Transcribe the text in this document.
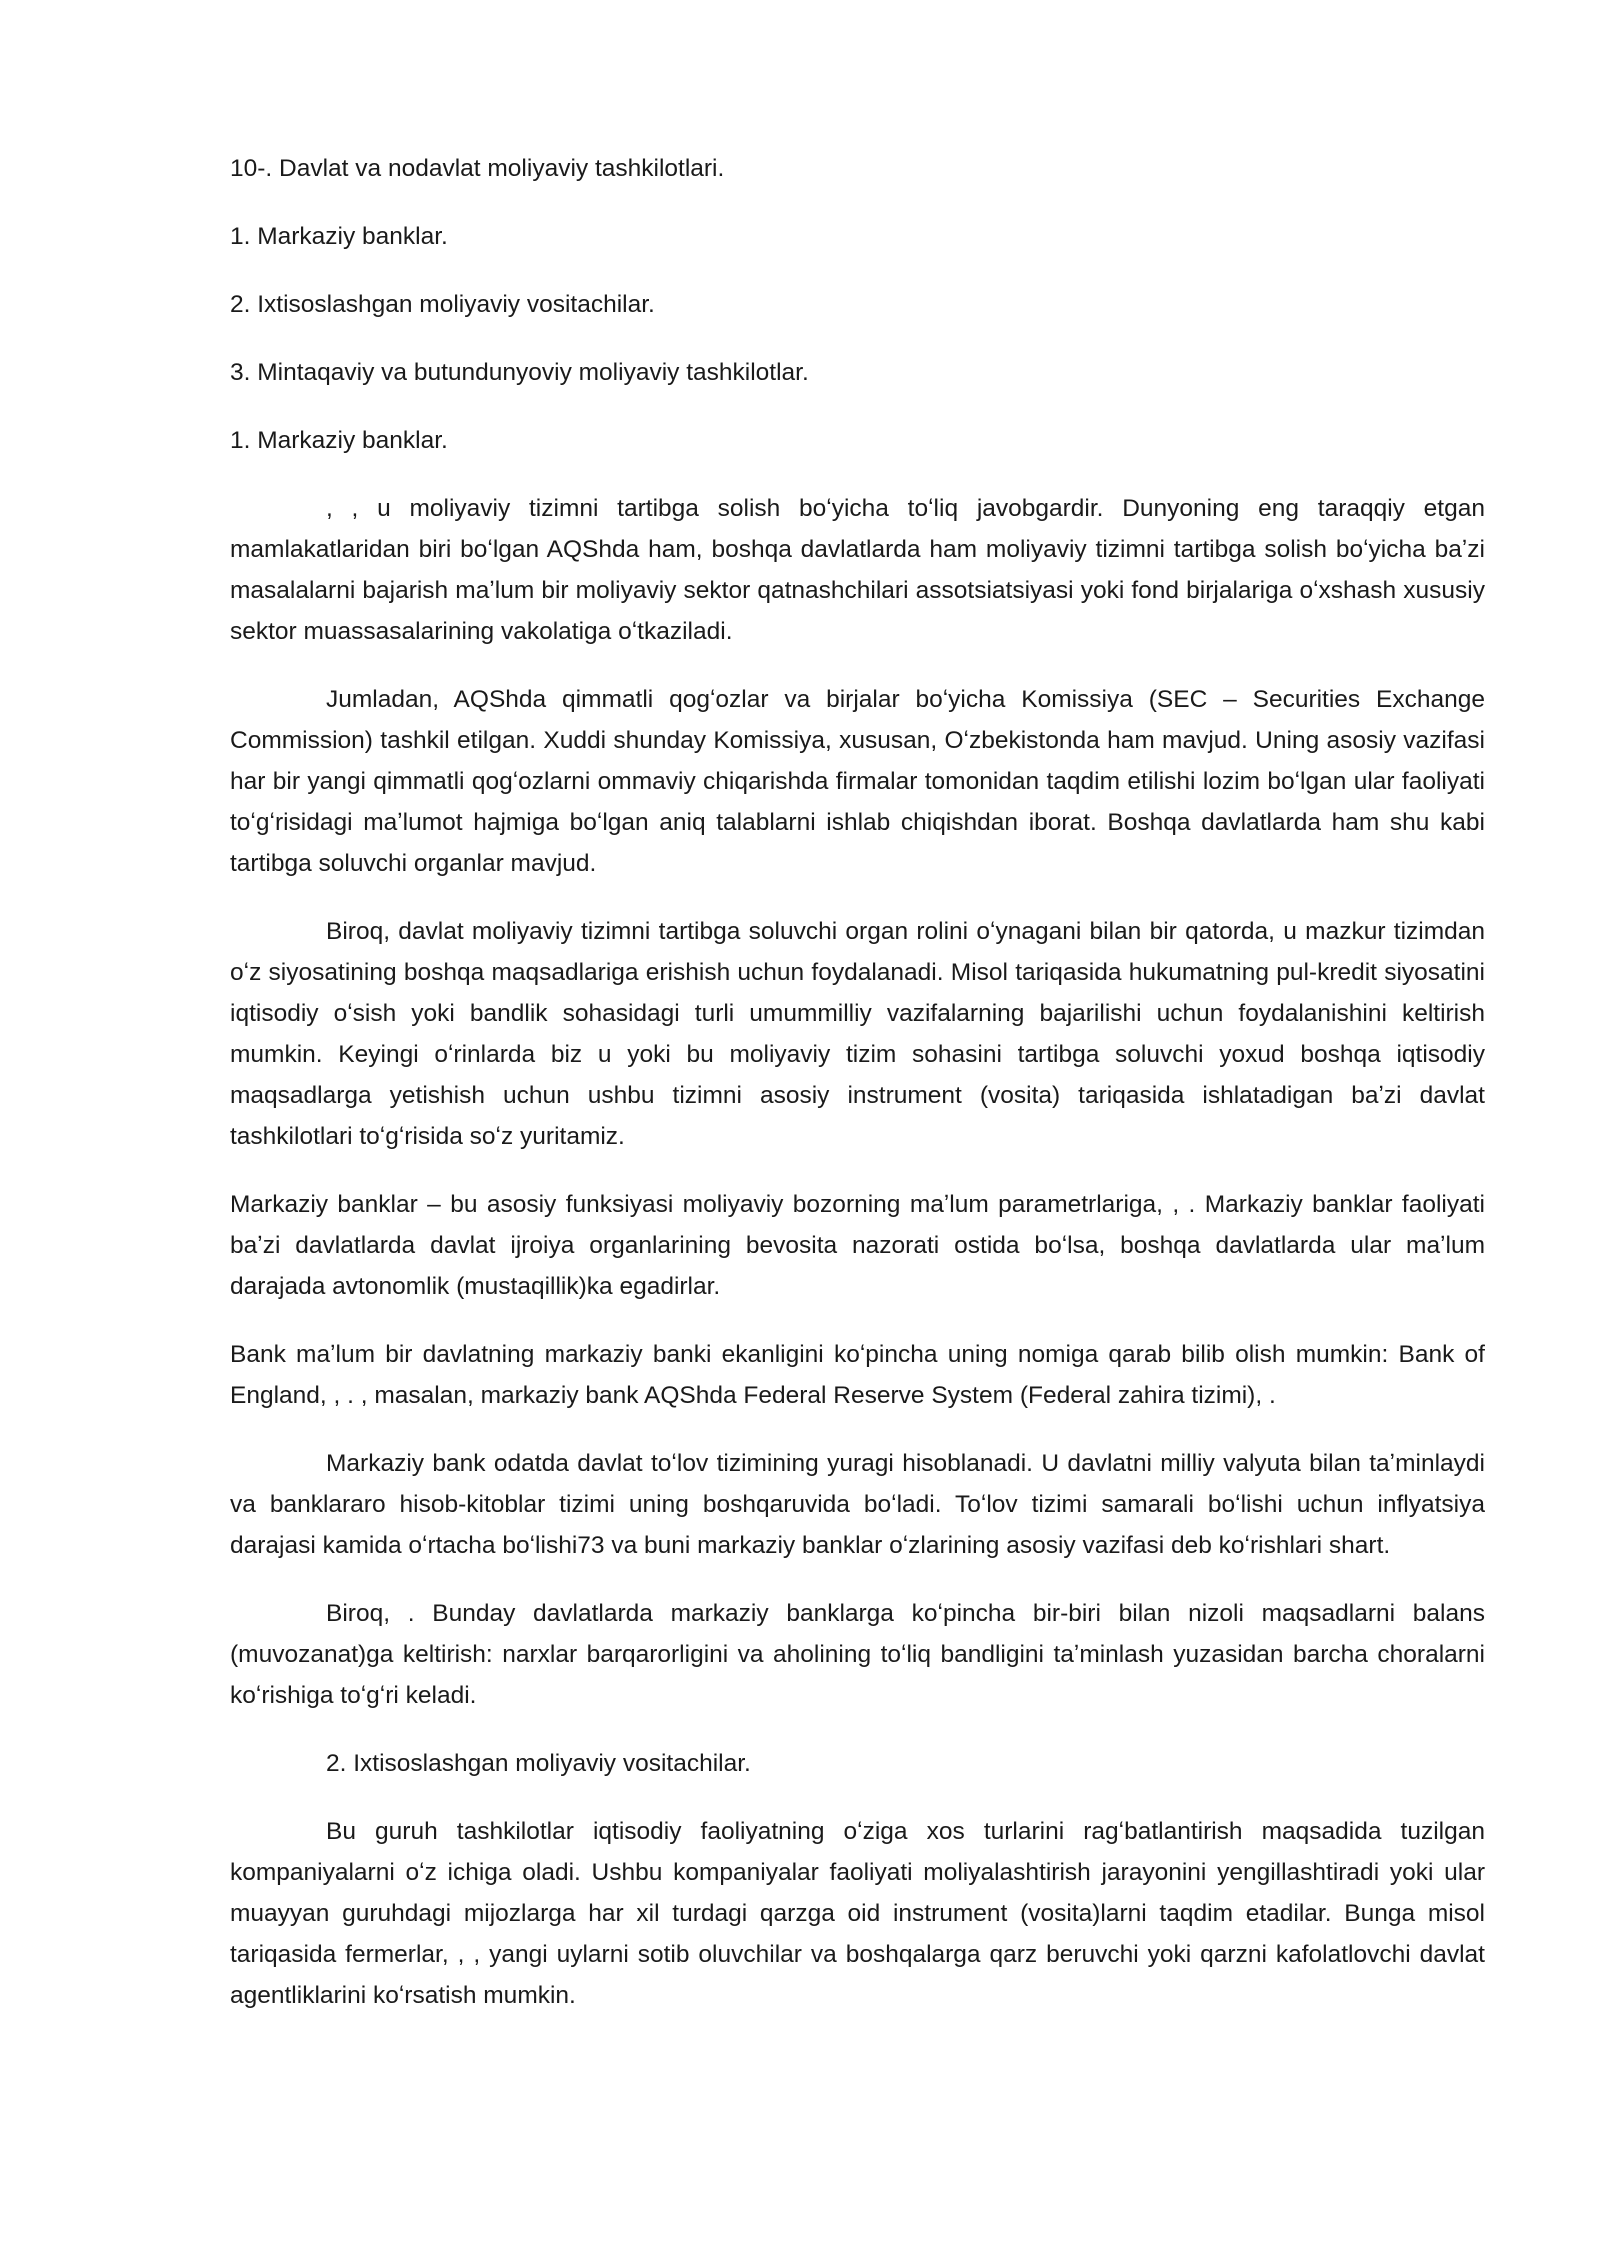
10-. Davlat va nodavlat moliyaviy tashkilotlari.

1. Markaziy banklar.

2. Ixtisoslashgan moliyaviy vositachilar.

3. Mintaqaviy va butundunyoviy moliyaviy tashkilotlar.

1. Markaziy banklar.

, , u moliyaviy tizimni tartibga solish boʻyicha toʻliq javobgardir. Dunyoning eng taraqqiy etgan mamlakatlaridan biri boʻlgan AQShda ham, boshqa davlatlarda ham moliyaviy tizimni tartibga solish boʻyicha baʼzi masalalarni bajarish maʼlum bir moliyaviy sektor qatnashchilari assotsiatsiyasi yoki fond birjalariga oʻxshash xususiy sektor muassasalarining vakolatiga oʻtkaziladi.

Jumladan, AQShda qimmatli qogʻozlar va birjalar boʻyicha Komissiya (SEC – Securities Exchange Commission) tashkil etilgan. Xuddi shunday Komissiya, xususan, Oʻzbekistonda ham mavjud. Uning asosiy vazifasi har bir yangi qimmatli qogʻozlarni ommaviy chiqarishda firmalar tomonidan taqdim etilishi lozim boʻlgan ular faoliyati toʻgʻrisidagi maʼlumot hajmiga boʻlgan aniq talablarni ishlab chiqishdan iborat. Boshqa davlatlarda ham shu kabi tartibga soluvchi organlar mavjud.

Biroq, davlat moliyaviy tizimni tartibga soluvchi organ rolini oʻynagani bilan bir qatorda, u mazkur tizimdan oʻz siyosatining boshqa maqsadlariga erishish uchun foydalanadi. Misol tariqasida hukumatning pul-kredit siyosatini iqtisodiy oʻsish yoki bandlik sohasidagi turli umummilliy vazifalarning bajarilishi uchun foydalanishini keltirish mumkin. Keyingi oʻrinlarda biz u yoki bu moliyaviy tizim sohasini tartibga soluvchi yoxud boshqa iqtisodiy maqsadlarga yetishish uchun ushbu tizimni asosiy instrument (vosita) tariqasida ishlatadigan baʼzi davlat tashkilotlari toʻgʻrisida soʻz yuritamiz.

Markaziy banklar – bu asosiy funksiyasi moliyaviy bozorning maʼlum parametrlariga, , . Markaziy banklar faoliyati baʼzi davlatlarda davlat ijroiya organlarining bevosita nazorati ostida boʻlsa, boshqa davlatlarda ular maʼlum darajada avtonomlik (mustaqillik)ka egadirlar.

Bank maʼlum bir davlatning markaziy banki ekanligini koʻpincha uning nomiga qarab bilib olish mumkin: Bank of England, , . , masalan, markaziy bank AQShda Federal Reserve System (Federal zahira tizimi), .

Markaziy bank odatda davlat toʻlov tizimining yuragi hisoblanadi. U davlatni milliy valyuta bilan taʼminlaydi va banklararo hisob-kitoblar tizimi uning boshqaruvida boʻladi. Toʻlov tizimi samarali boʻlishi uchun inflyatsiya darajasi kamida oʻrtacha boʻlishi73 va buni markaziy banklar oʻzlarining asosiy vazifasi deb koʻrishlari shart.

Biroq, . Bunday davlatlarda markaziy banklarga koʻpincha bir-biri bilan nizoli maqsadlarni balans (muvozanat)ga keltirish: narxlar barqarorligini va aholining toʻliq bandligini taʼminlash yuzasidan barcha choralarni koʻrishiga toʻgʻri keladi.

2. Ixtisoslashgan moliyaviy vositachilar.

Bu guruh tashkilotlar iqtisodiy faoliyatning oʻziga xos turlarini ragʻbatlantirish maqsadida tuzilgan kompaniyalarni oʻz ichiga oladi. Ushbu kompaniyalar faoliyati moliyalashtirish jarayonini yengillashtiradi yoki ular muayyan guruhdagi mijozlarga har xil turdagi qarzga oid instrument (vosita)larni taqdim etadilar. Bunga misol tariqasida fermerlar, , , yangi uylarni sotib oluvchilar va boshqalarga qarz beruvchi yoki qarzni kafolatlovchi davlat agentliklarini koʻrsatish mumkin.
